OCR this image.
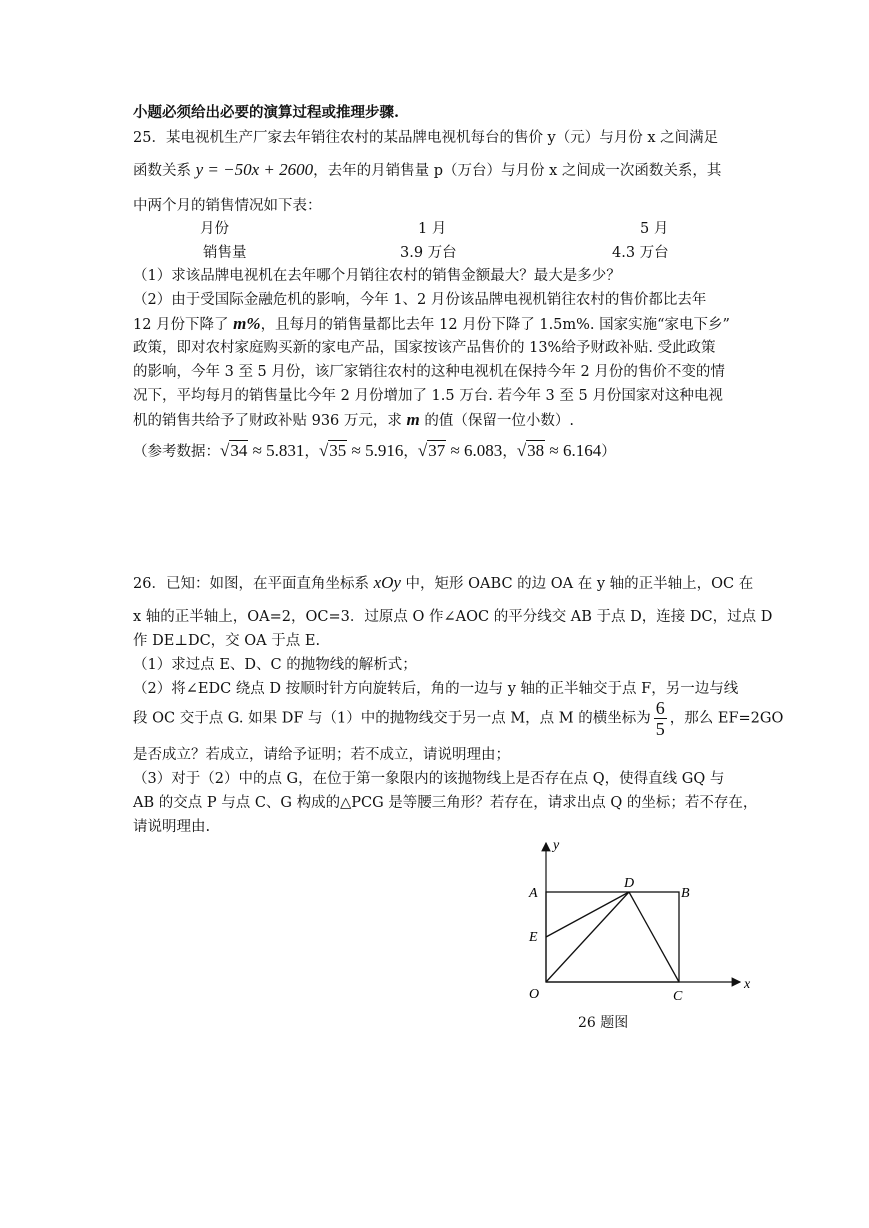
小题必须给出必要的演算过程或推理步骤.
25．某电视机生产厂家去年销往农村的某品牌电视机每台的售价 y（元）与月份 x 之间满足
函数关系 y = −50x + 2600，去年的月销售量 p（万台）与月份 x 之间成一次函数关系，其
中两个月的销售情况如下表：
月份	1 月	5 月
销售量	3.9 万台	4.3 万台
（1）求该品牌电视机在去年哪个月销往农村的销售金额最大？最大是多少？
（2）由于受国际金融危机的影响，今年 1、2 月份该品牌电视机销往农村的售价都比去年
12 月份下降了 m%，且每月的销售量都比去年 12 月份下降了 1.5m%. 国家实施“家电下乡”
政策，即对农村家庭购买新的家电产品，国家按该产品售价的 13%给予财政补贴. 受此政策
的影响，今年 3 至 5 月份，该厂家销往农村的这种电视机在保持今年 2 月份的售价不变的情
况下，平均每月的销售量比今年 2 月份增加了 1.5 万台. 若今年 3 至 5 月份国家对这种电视
机的销售共给予了财政补贴 936 万元，求 m 的值（保留一位小数）.
（参考数据：√34 ≈ 5.831，√35 ≈ 5.916，√37 ≈ 6.083，√38 ≈ 6.164）
26．已知：如图，在平面直角坐标系 xOy 中，矩形 OABC 的边 OA 在 y 轴的正半轴上，OC 在
x 轴的正半轴上，OA=2，OC=3．过原点 O 作∠AOC 的平分线交 AB 于点 D，连接 DC，过点 D
作 DE⊥DC，交 OA 于点 E.
（1）求过点 E、D、C 的抛物线的解析式；
（2）将∠EDC 绕点 D 按顺时针方向旋转后，角的一边与 y 轴的正半轴交于点 F，另一边与线
段 OC 交于点 G. 如果 DF 与（1）中的抛物线交于另一点 M，点 M 的横坐标为 $\frac{6}{5}$ ，那么 EF=2GO
是否成立？若成立，请给予证明；若不成立，请说明理由；
（3）对于（2）中的点 G，在位于第一象限内的该抛物线上是否存在点 Q，使得直线 GQ 与
AB 的交点 P 与点 C、G 构成的△PCG 是等腰三角形？若存在，请求出点 Q 的坐标；若不存在，
请说明理由.
y
x
A
D
B
E
O	C
26 题图
